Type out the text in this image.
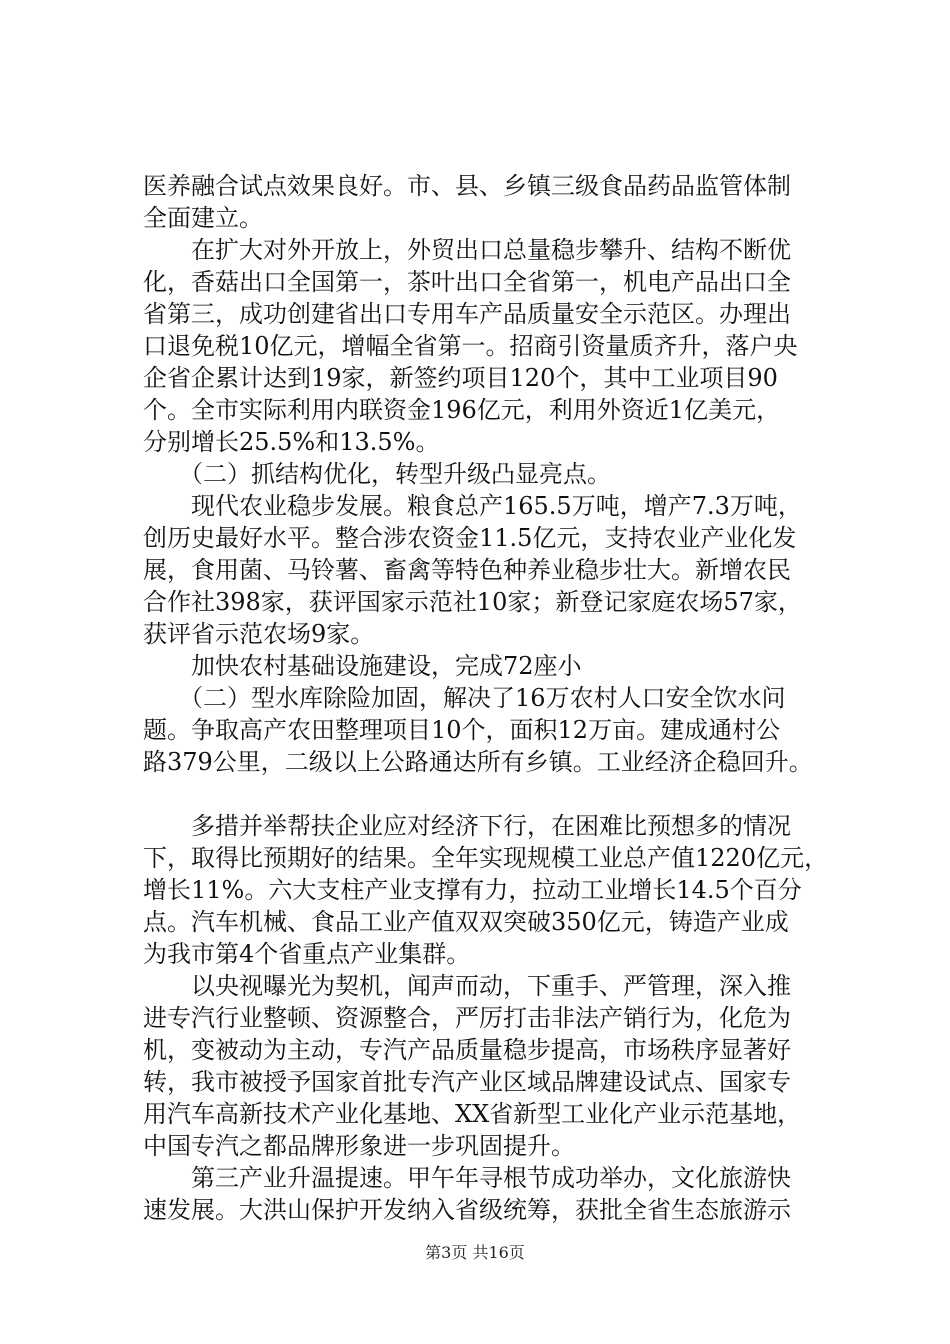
医养融合试点效果良好。市、县、乡镇三级食品药品监管体制
全面建立。
　　在扩大对外开放上，外贸出口总量稳步攀升、结构不断优
化，香菇出口全国第一，茶叶出口全省第一，机电产品出口全
省第三，成功创建省出口专用车产品质量安全示范区。办理出
口退免税10亿元，增幅全省第一。招商引资量质齐升，落户央
企省企累计达到19家，新签约项目120个，其中工业项目90
个。全市实际利用内联资金196亿元，利用外资近1亿美元，
分别增长25.5%和13.5%。
　　（二）抓结构优化，转型升级凸显亮点。
　　现代农业稳步发展。粮食总产165.5万吨，增产7.3万吨，
创历史最好水平。整合涉农资金11.5亿元，支持农业产业化发
展，食用菌、马铃薯、畜禽等特色种养业稳步壮大。新增农民
合作社398家，获评国家示范社10家；新登记家庭农场57家，
获评省示范农场9家。
　　加快农村基础设施建设，完成72座小
　　（二）型水库除险加固，解决了16万农村人口安全饮水问
题。争取高产农田整理项目10个，面积12万亩。建成通村公
路379公里，二级以上公路通达所有乡镇。工业经济企稳回升。
　　多措并举帮扶企业应对经济下行，在困难比预想多的情况
下，取得比预期好的结果。全年实现规模工业总产值1220亿元，
增长11%。六大支柱产业支撑有力，拉动工业增长14.5个百分
点。汽车机械、食品工业产值双双突破350亿元，铸造产业成
为我市第4个省重点产业集群。
　　以央视曝光为契机，闻声而动，下重手、严管理，深入推
进专汽行业整顿、资源整合，严厉打击非法产销行为，化危为
机，变被动为主动，专汽产品质量稳步提高，市场秩序显著好
转，我市被授予国家首批专汽产业区域品牌建设试点、国家专
用汽车高新技术产业化基地、XX省新型工业化产业示范基地，
中国专汽之都品牌形象进一步巩固提升。
　　第三产业升温提速。甲午年寻根节成功举办，文化旅游快
速发展。大洪山保护开发纳入省级统筹，获批全省生态旅游示
第3页 共16页
